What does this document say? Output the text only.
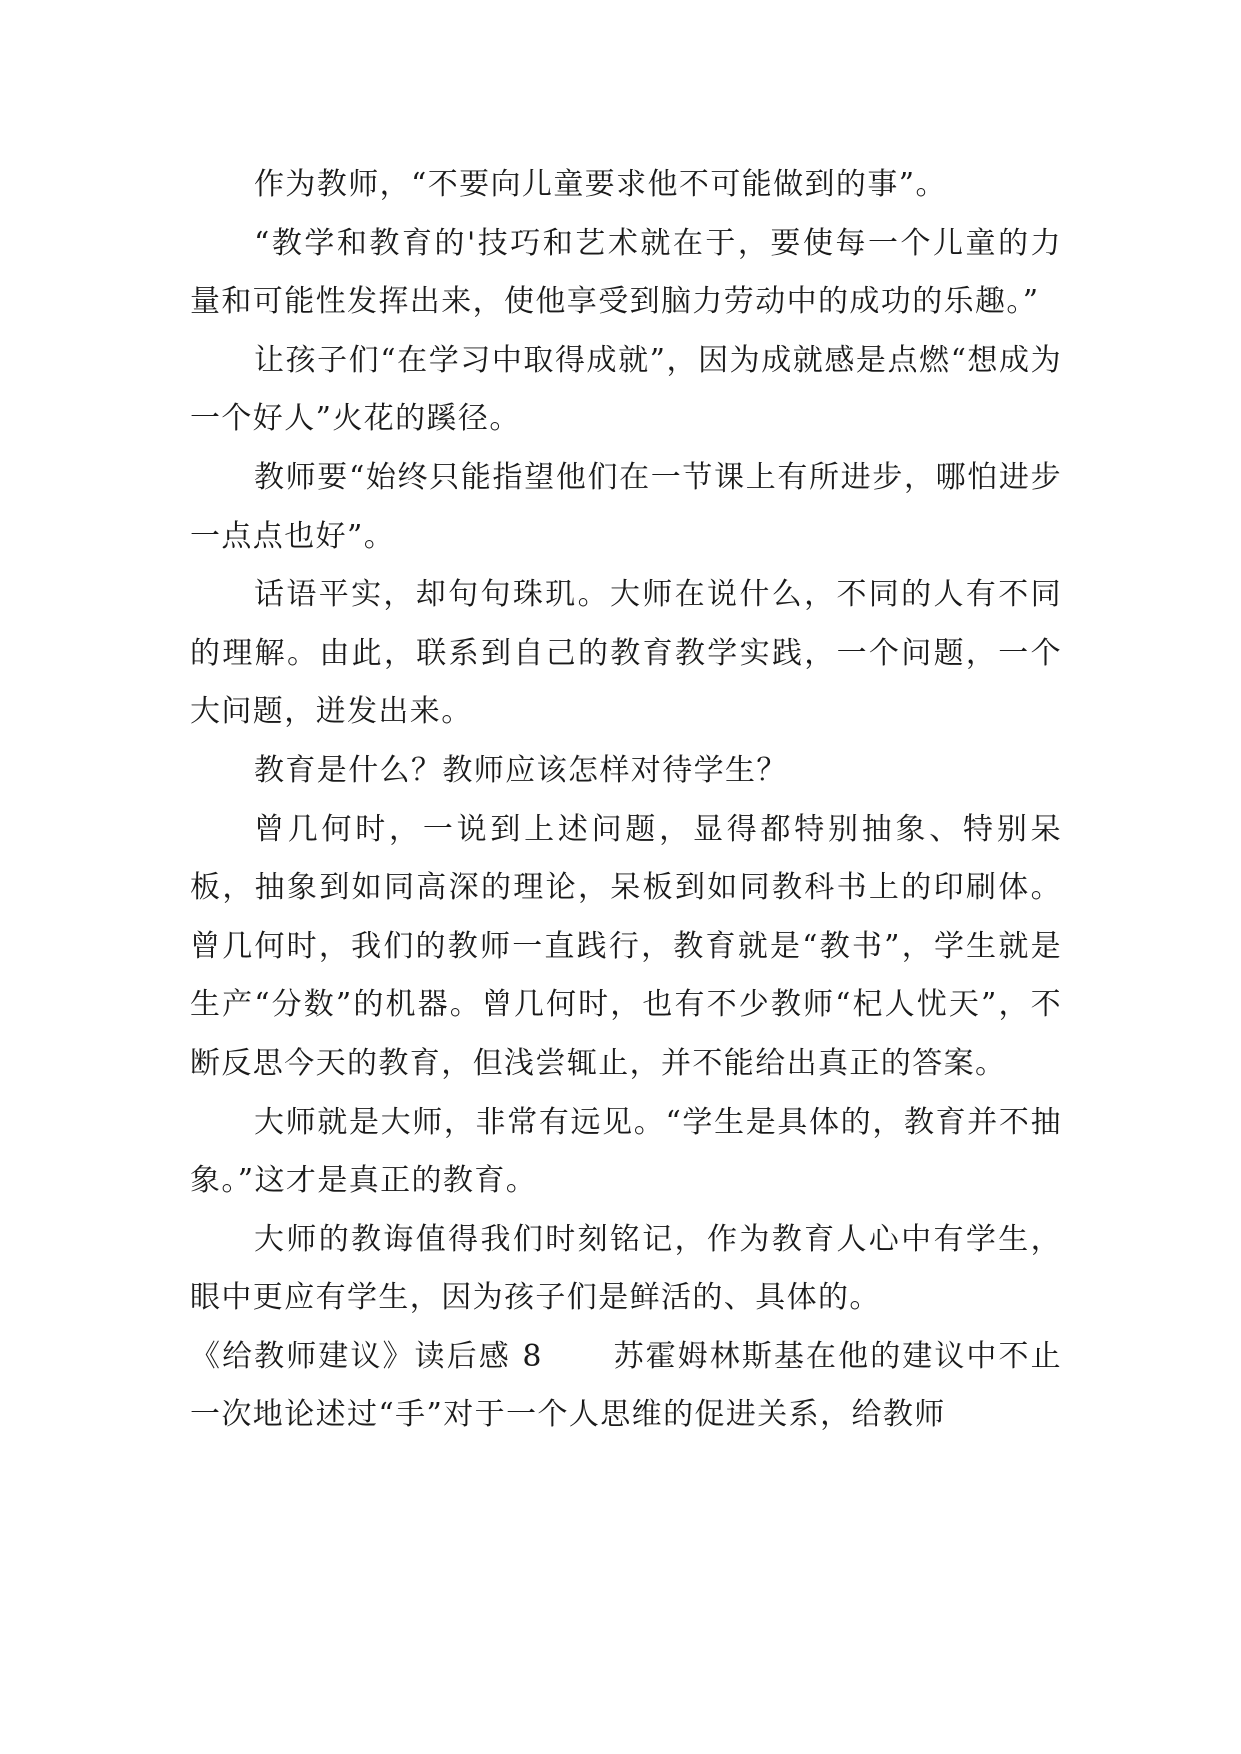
作为教师，“不要向儿童要求他不可能做到的事”。

“教学和教育的'技巧和艺术就在于，要使每一个儿童的力量和可能性发挥出来，使他享受到脑力劳动中的成功的乐趣。”

让孩子们“在学习中取得成就”，因为成就感是点燃“想成为一个好人”火花的蹊径。

教师要“始终只能指望他们在一节课上有所进步，哪怕进步一点点也好”。

话语平实，却句句珠玑。大师在说什么，不同的人有不同的理解。由此，联系到自己的教育教学实践，一个问题，一个大问题，迸发出来。

教育是什么？教师应该怎样对待学生？

曾几何时，一说到上述问题，显得都特别抽象、特别呆板，抽象到如同高深的理论，呆板到如同教科书上的印刷体。曾几何时，我们的教师一直践行，教育就是“教书”，学生就是生产“分数”的机器。曾几何时，也有不少教师“杞人忧天”，不断反思今天的教育，但浅尝辄止，并不能给出真正的答案。

大师就是大师，非常有远见。“学生是具体的，教育并不抽象。”这才是真正的教育。

大师的教诲值得我们时刻铭记，作为教育人心中有学生，眼中更应有学生，因为孩子们是鲜活的、具体的。

《给教师建议》读后感 8 苏霍姆林斯基在他的建议中不止一次地论述过“手”对于一个人思维的促进关系，给教师
